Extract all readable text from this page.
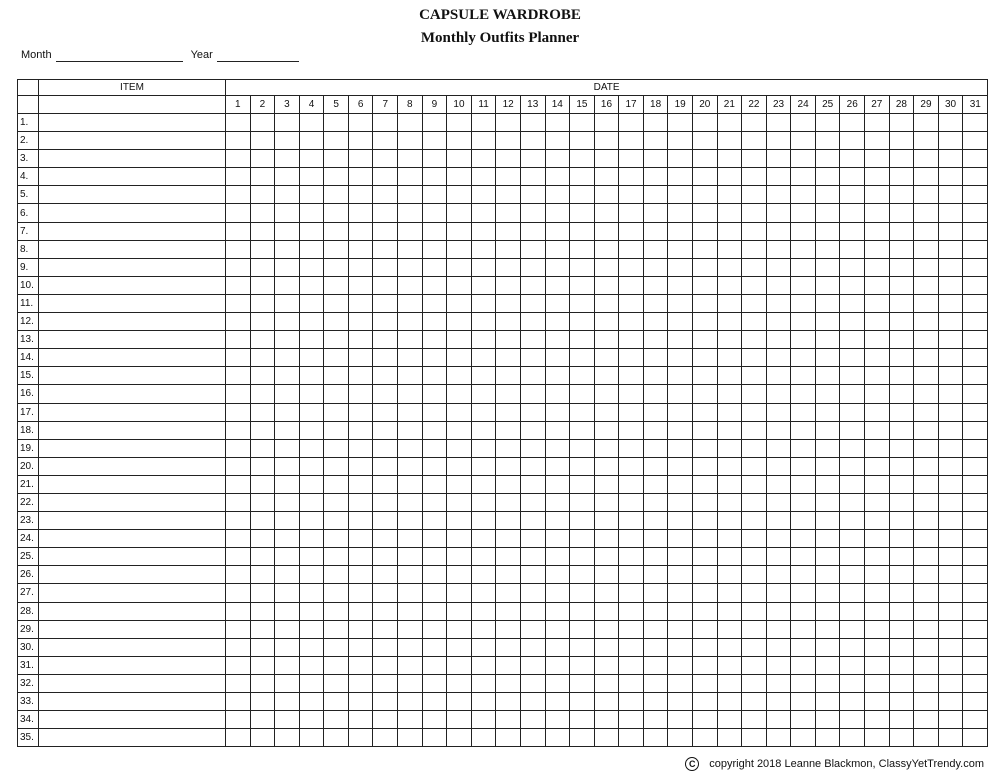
CAPSULE WARDROBE
Monthly Outfits Planner
Month	Year
	ITEM	DATE																														
		1	2	3	4	5	6	7	8	9	10	11	12	13	14	15	16	17	18	19	20	21	22	23	24	25	26	27	28	29	30	31
1.																																
2.																																
3.																																
4.																																
5.																																
6.																																
7.																																
8.																																
9.																																
10.																																
11.																																
12.																																
13.																																
14.																																
15.																																
16.																																
17.																																
18.																																
19.																																
20.																																
21.																																
22.																																
23.																																
24.																																
25.																																
26.																																
27.																																
28.																																
29.																																
30.																																
31.																																
32.																																
33.																																
34.																																
35.																																
C	copyright 2018 Leanne Blackmon, ClassyYetTrendy.com
